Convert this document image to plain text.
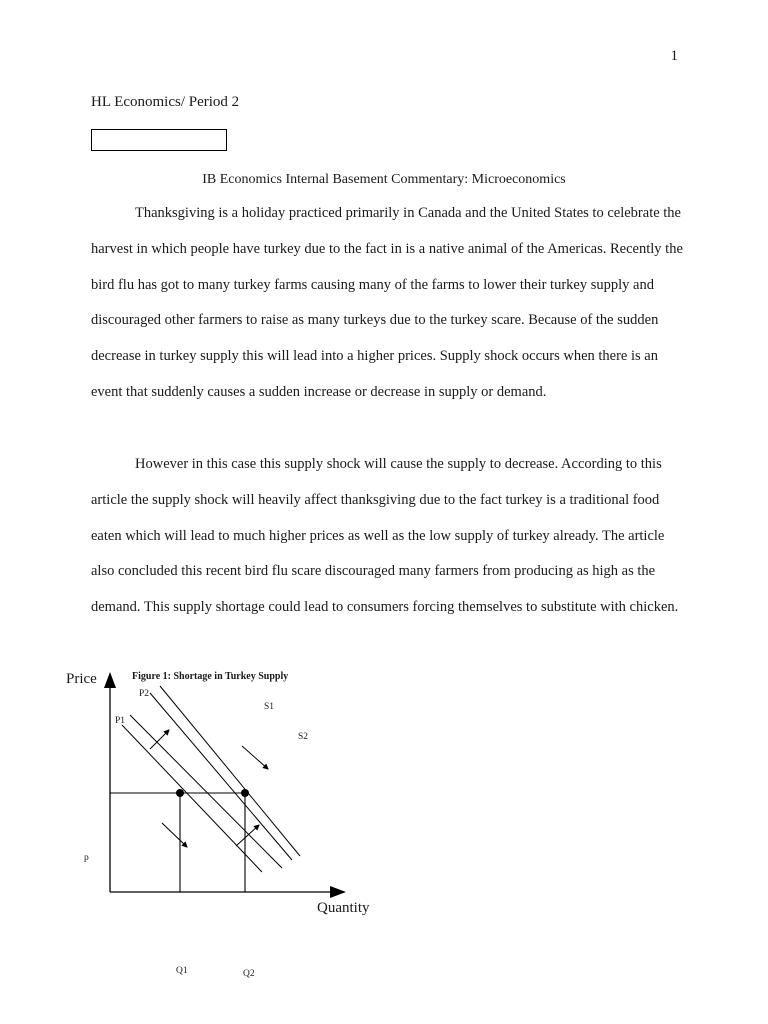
1
HL Economics/ Period 2
IB Economics Internal Basement Commentary: Microeconomics

Thanksgiving is a holiday practiced primarily in Canada and the United States to celebrate the harvest in which people have turkey due to the fact in is a native animal of the Americas. Recently the bird flu has got to many turkey farms causing many of the farms to lower their turkey supply and discouraged other farmers to raise as many turkeys due to the turkey scare. Because of the sudden decrease in turkey supply this will lead into a higher prices. Supply shock occurs when there is an event that suddenly causes a sudden increase or decrease in supply or demand.

However in this case this supply shock will cause the supply to decrease. According to this article the supply shock will heavily affect thanksgiving due to the fact turkey is a traditional food eaten which will lead to much higher prices as well as the low supply of turkey already. The article also concluded this recent bird flu scare discouraged many farmers from producing as high as the demand. This supply shortage could lead to consumers forcing themselves to substitute with chicken.

Price	Figure 1: Shortage in Turkey Supply
P2
P1
S1
S2
p
Quantity
Q1	Q2
